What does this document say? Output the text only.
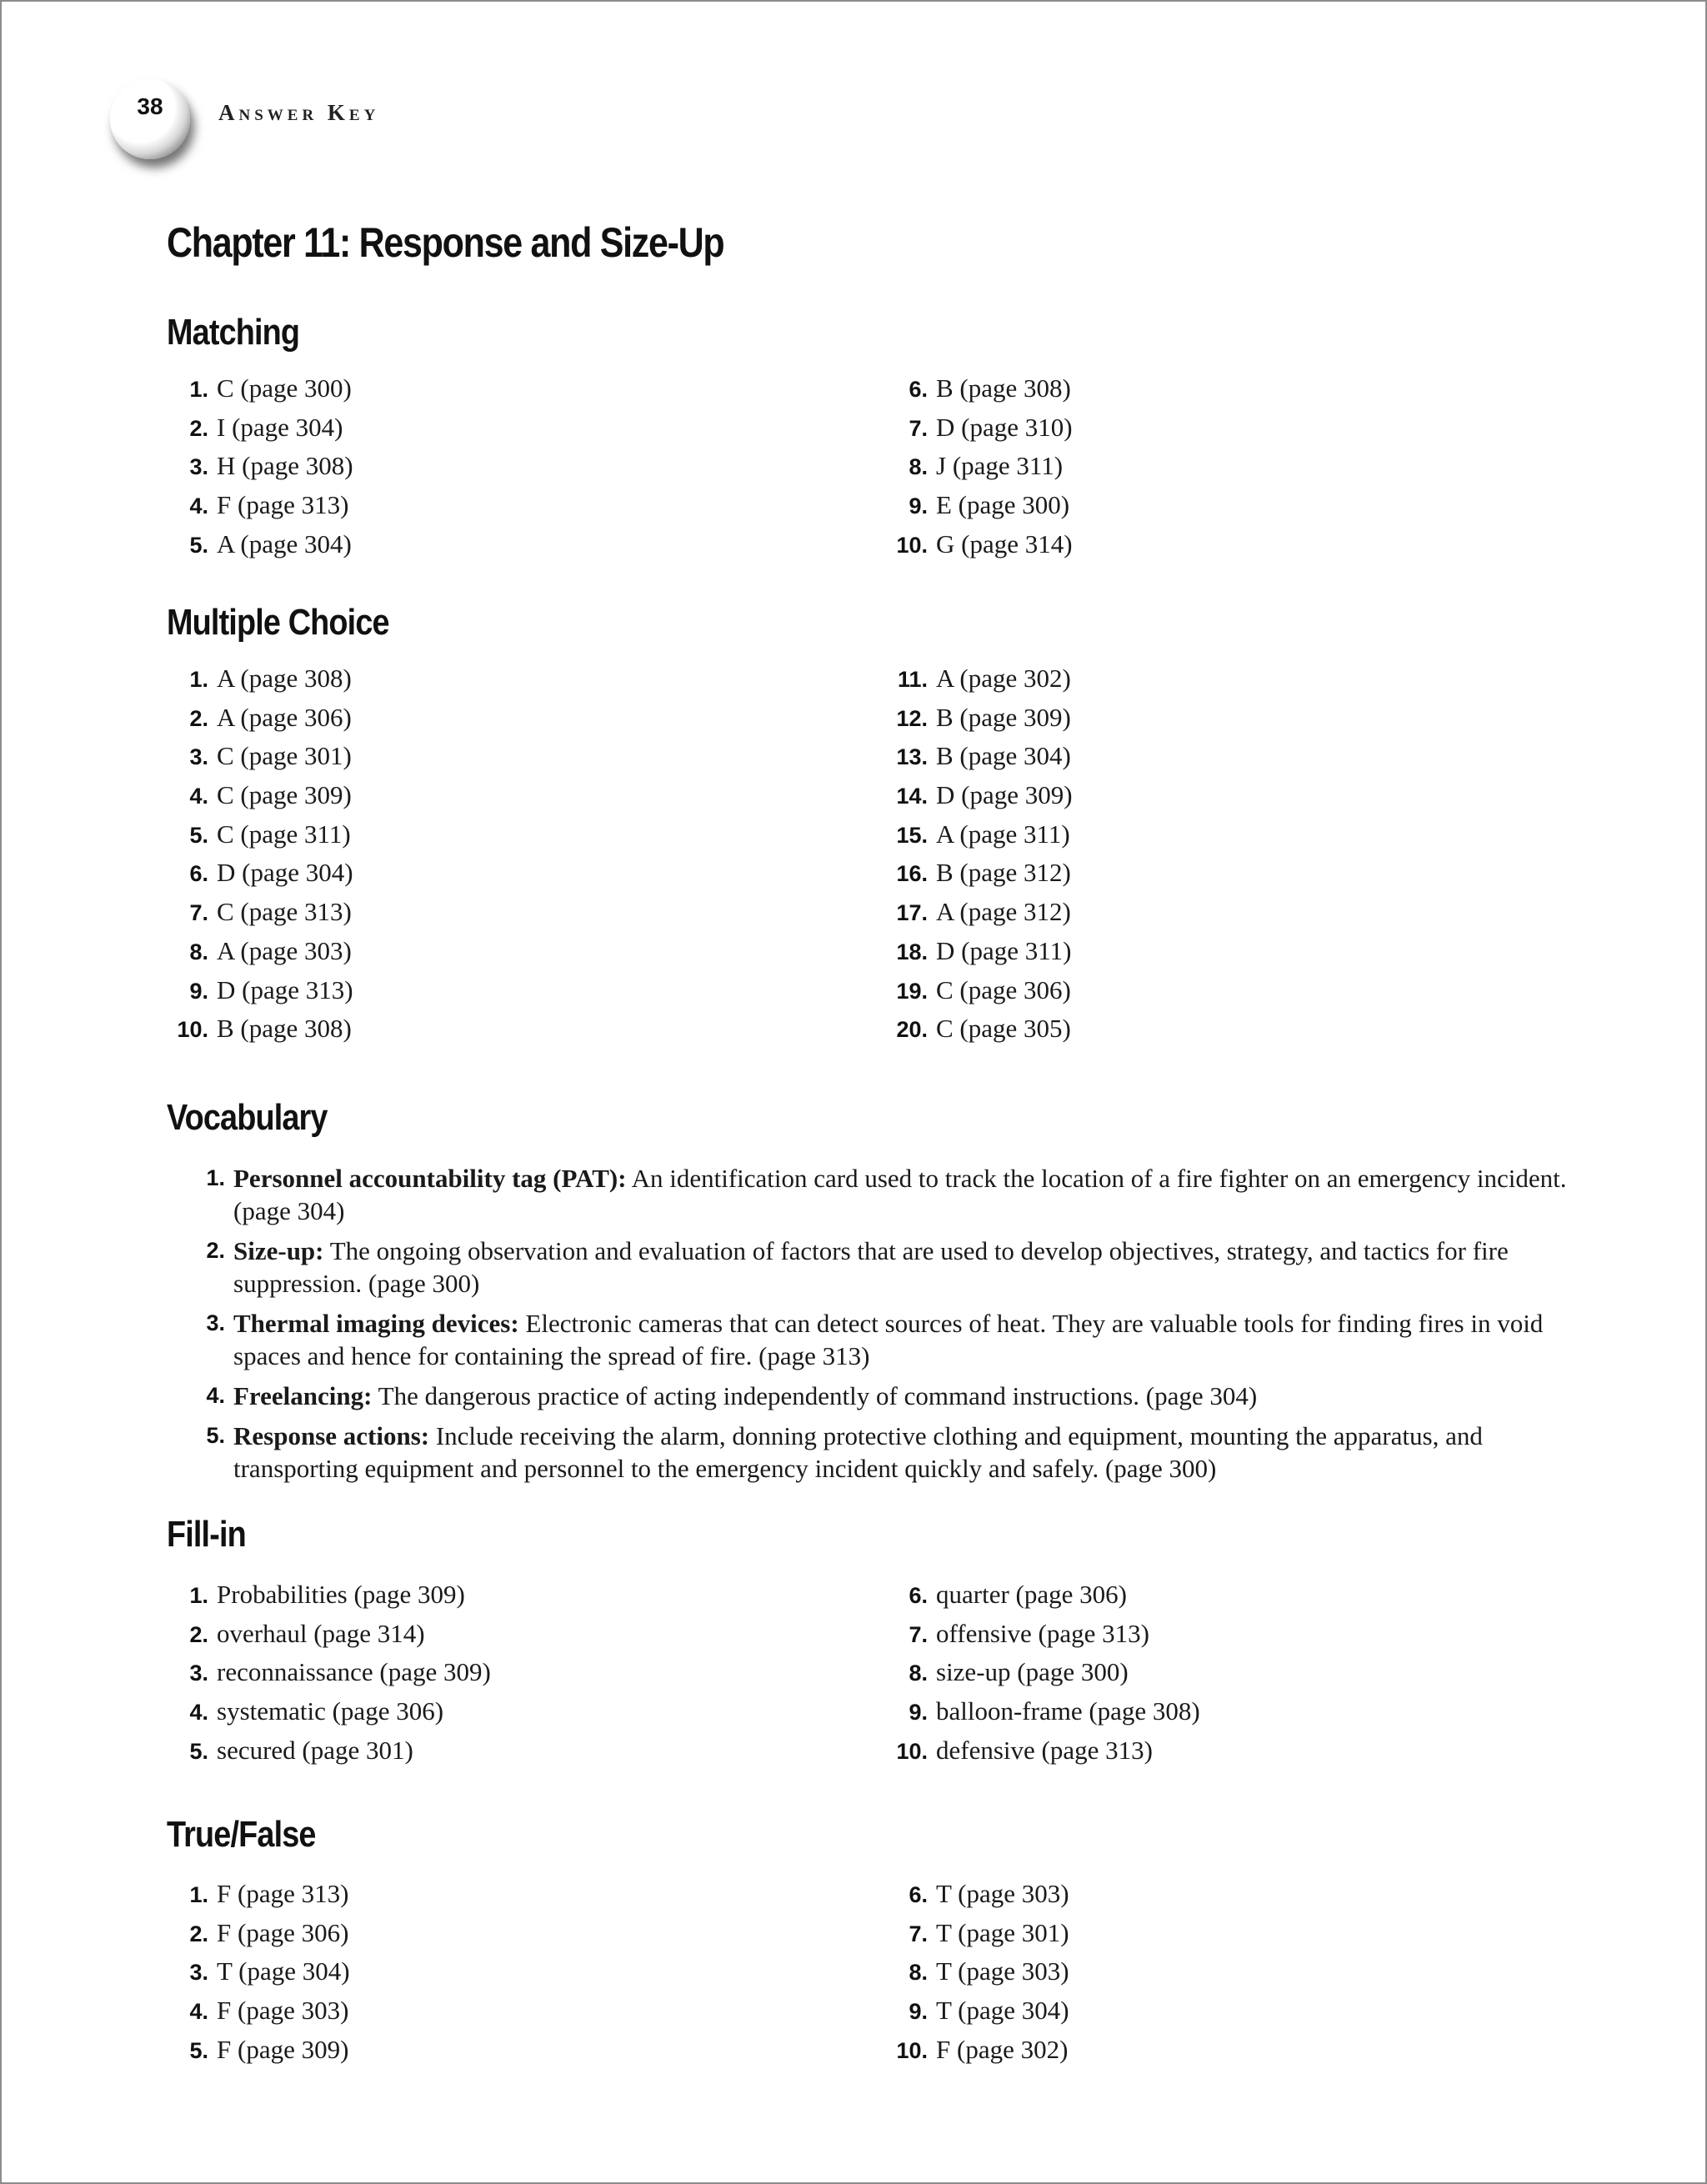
38 Answer Key
Chapter 11: Response and Size-Up
Matching
1. C (page 300)
2. I (page 304)
3. H (page 308)
4. F (page 313)
5. A (page 304)
6. B (page 308)
7. D (page 310)
8. J (page 311)
9. E (page 300)
10. G (page 314)
Multiple Choice
1. A (page 308)
2. A (page 306)
3. C (page 301)
4. C (page 309)
5. C (page 311)
6. D (page 304)
7. C (page 313)
8. A (page 303)
9. D (page 313)
10. B (page 308)
11. A (page 302)
12. B (page 309)
13. B (page 304)
14. D (page 309)
15. A (page 311)
16. B (page 312)
17. A (page 312)
18. D (page 311)
19. C (page 306)
20. C (page 305)
Vocabulary
1. Personnel accountability tag (PAT): An identification card used to track the location of a fire fighter on an emergency incident. (page 304)
2. Size-up: The ongoing observation and evaluation of factors that are used to develop objectives, strategy, and tactics for fire suppression. (page 300)
3. Thermal imaging devices: Electronic cameras that can detect sources of heat. They are valuable tools for finding fires in void spaces and hence for containing the spread of fire. (page 313)
4. Freelancing: The dangerous practice of acting independently of command instructions. (page 304)
5. Response actions: Include receiving the alarm, donning protective clothing and equipment, mounting the apparatus, and transporting equipment and personnel to the emergency incident quickly and safely. (page 300)
Fill-in
1. Probabilities (page 309)
2. overhaul (page 314)
3. reconnaissance (page 309)
4. systematic (page 306)
5. secured (page 301)
6. quarter (page 306)
7. offensive (page 313)
8. size-up (page 300)
9. balloon-frame (page 308)
10. defensive (page 313)
True/False
1. F (page 313)
2. F (page 306)
3. T (page 304)
4. F (page 303)
5. F (page 309)
6. T (page 303)
7. T (page 301)
8. T (page 303)
9. T (page 304)
10. F (page 302)
